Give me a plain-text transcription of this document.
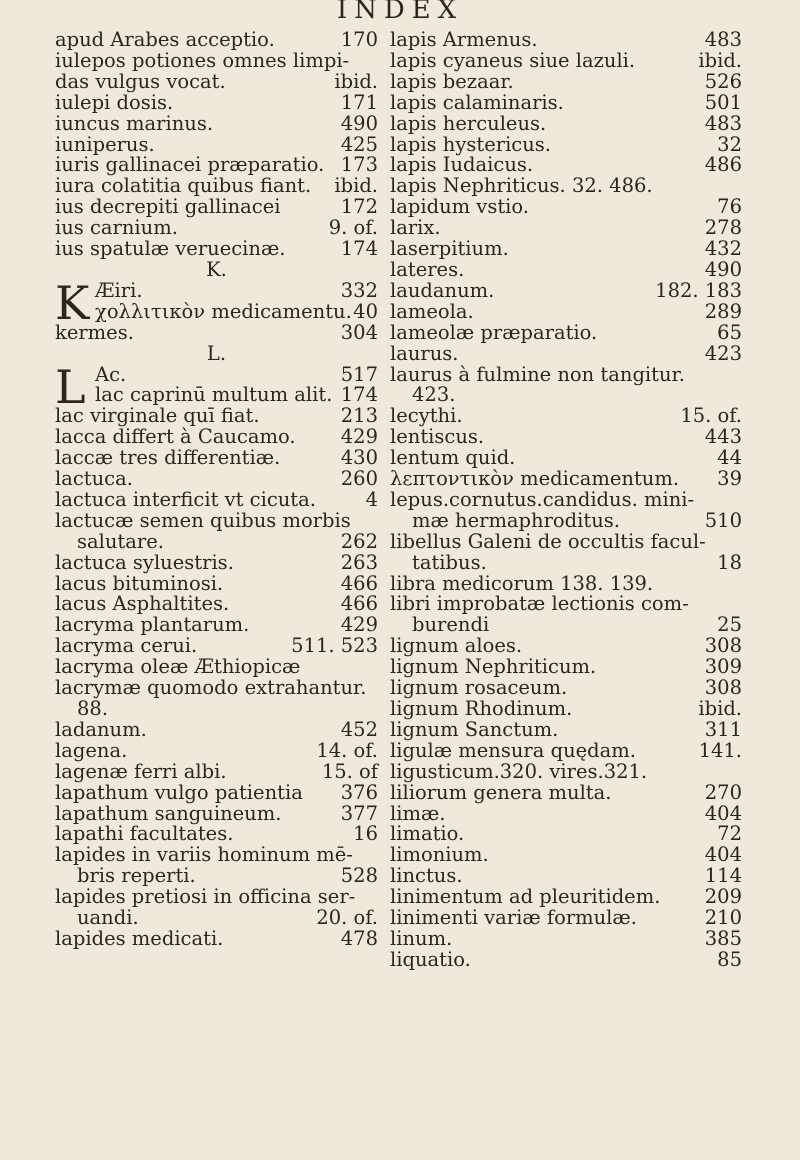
INDEX
apud Arabes acceptio.	170
iulepos potiones omnes limpi-
das vulgus vocat.	ibid.
iulepi dosis.	171
iuncus marinus.	490
iuniperus.	425
iuris gallinacei præparatio. 173
iura colatitia quibus fiant.	ibid.
ius decrepiti gallinacei	172
ius carnium.	9. of.
ius spatulæ veruecinæ.	174
K.
K Æiri.	332
χολλιτικὸν medicamentu. 40
kermes.	304
L.
L Ac.	517
lac caprinū multum alit. 174
lac virginale quī fiat.	213
lacca differt à Caucamo.	429
laccæ tres differentiæ.	430
lactuca.	260
lactuca interficit vt cicuta.	4
lactucæ semen quibus morbis
salutare.	262
lactuca syluestris.	263
lacus bituminosi.	466
lacus Asphaltites.	466
lacryma plantarum.	429
lacryma cerui.	511. 523
lacryma oleæ Æthiopicæ
lacrymæ quomodo extrahantur.
88.
ladanum.	452
lagena.	14. of.
lagenæ ferri albi.	15. of
lapathum vulgo patientia	376
lapathum sanguineum.	377
lapathi facultates.	16
lapides in variis hominum mē-
bris reperti.	528
lapides pretiosi in officina ser-
uandi.	20. of.
lapides medicati.	478
lapis Armenus.	483
lapis cyaneus siue lazuli.	ibid.
lapis bezaar.	526
lapis calaminaris.	501
lapis herculeus.	483
lapis hystericus.	32
lapis Iudaicus.	486
lapis Nephriticus. 32. 486.
lapidum vstio.	76
larix.	278
laserpitium.	432
lateres.	490
laudanum.	182. 183
lameola.	289
lameolæ præparatio.	65
laurus.	423
laurus à fulmine non tangitur.
423.
lecythi.	15. of.
lentiscus.	443
lentum quid.	44
λεπτοντικὸν medicamentum.	39
lepus.cornutus.candidus. mini-
mæ hermaphroditus.	510
libellus Galeni de occultis facul-
tatibus.	18
libra medicorum 138. 139.
libri improbatæ lectionis com-
burendi	25
lignum aloes.	308
lignum Nephriticum.	309
lignum rosaceum.	308
lignum Rhodinum.	ibid.
lignum Sanctum.	311
ligulæ mensura quędam.	141.
ligusticum.320. vires.321.
liliorum genera multa.	270
limæ.	404
limatio.	72
limonium.	404
linctus.	114
linimentum ad pleuritidem.	209
linimenti variæ formulæ.	210
linum.	385
liquatio.	85
